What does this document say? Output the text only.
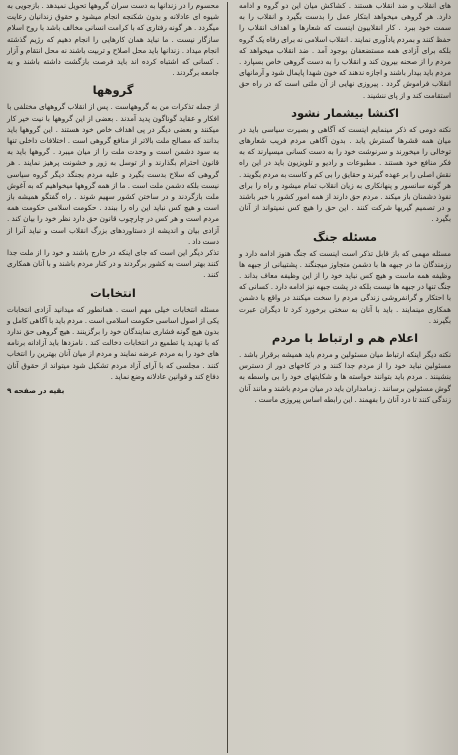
های انقلاب و ضد انقلاب هستند . کشاکش میان این دو گروه و ادامه دارد. هر گروهی میخواهد ابتکار عمل را بدست بگیرد و انقلاب را به سمت خود ببرد . کار انقلابیون اینست که شعارها و اهداف انقلاب را حفظ کنند و بمردم یادآوری نمایند . انقلاب اسلامی نه برای رفاه یک گروه بلکه برای آزادی همه مستضعفان بوجود آمد . ضد انقلاب میخواهد که مردم را از صحنه بیرون کند و انقلاب را به دست گروهی خاص بسپارد . مردم باید بیدار باشند و اجازه ندهند که خون شهدا پایمال شود و آرمانهای انقلاب فراموش گردد . پیروزی نهایی از آن ملتی است که در راه حق استقامت کند و از پای ننشیند .

اکنشا بیشمار نشود

نکته دومی که ذکر مینمایم اینست که آگاهی و بصیرت سیاسی باید در میان همه قشرها گسترش یابد . بدون آگاهی مردم فریب شعارهای توخالی را میخورند و سرنوشت خود را به دست کسانی میسپارند که به فکر منافع خود هستند . مطبوعات و رادیو و تلویزیون باید در این راه نقش اصلی را بر عهده گیرند و حقایق را بی کم و کاست به مردم بگویند . هر گونه سانسور و پنهانکاری به زیان انقلاب تمام میشود و راه را برای نفوذ دشمنان باز میکند . مردم حق دارند از همه امور کشور با خبر باشند و در تصمیم گیریها شرکت کنند . این حق را هیچ کس نمیتواند از آنان بگیرد .

مسئله جنگ

مسئله مهمی که باز قابل تذکر است اینست که جنگ هنوز ادامه دارد و رزمندگان ما در جبهه ها با دشمن متجاوز میجنگند . پشتیبانی از جبهه ها وظیفه همه ماست و هیچ کس نباید خود را از این وظیفه معاف بداند . جنگ تنها در جبهه ها نیست بلکه در پشت جبهه نیز ادامه دارد . کسانی که با احتکار و گرانفروشی زندگی مردم را سخت میکنند در واقع با دشمن همکاری مینمایند . باید با آنان به سختی برخورد کرد تا دیگران عبرت بگیرند .

اعلام هم و ارتباط با مردم

نکته دیگر اینکه ارتباط میان مسئولین و مردم باید همیشه برقرار باشد . مسئولین نباید خود را از مردم جدا کنند و در کاخهای دور از دسترس بنشینند . مردم باید بتوانند خواسته ها و شکایتهای خود را بی واسطه به گوش مسئولین برسانند . زمامداران باید در میان مردم باشند و مانند آنان زندگی کنند تا درد آنان را بفهمند . این رابطه اساس پیروزی ماست .

محسوم را در زندانها به دست سران گروهها تحویل نمیدهد . بازجویی به شیوه ای عادلانه و بدون شکنجه انجام میشود و حقوق زندانیان رعایت میگردد . هر گونه رفتاری که با کرامت انسانی مخالف باشد با روح اسلام سازگار نیست . ما نباید همان کارهایی را انجام دهیم که رژیم گذشته انجام میداد . زندانها باید محل اصلاح و تربیت باشند نه محل انتقام و آزار . کسانی که اشتباه کرده اند باید فرصت بازگشت داشته باشند و به جامعه برگردند .

گروهها

از جمله تذکرات من به گروههاست . پس از انقلاب گروههای مختلفی با افکار و عقاید گوناگون پدید آمدند . بعضی از این گروهها با نیت خیر کار میکنند و بعضی دیگر در پی اهداف خاص خود هستند . این گروهها باید بدانند که مصالح ملت بالاتر از منافع گروهی است . اختلافات داخلی تنها به سود دشمن است و وحدت ملت را از میان میبرد . گروهها باید به قانون احترام بگذارند و از توسل به زور و خشونت پرهیز نمایند . هر گروهی که سلاح بدست بگیرد و علیه مردم بجنگد دیگر گروه سیاسی نیست بلکه دشمن ملت است . ما از همه گروهها میخواهیم که به آغوش ملت بازگردند و در ساختن کشور سهیم شوند . راه گفتگو همیشه باز است و هیچ کس نباید این راه را ببندد . حکومت اسلامی حکومت همه مردم است و هر کس در چارچوب قانون حق دارد نظر خود را بیان کند . آزادی بیان و اندیشه از دستاوردهای بزرگ انقلاب است و نباید آنرا از دست داد .

تذکر دیگر این است که جای اینکه در خارج باشند و خود را از ملت جدا کنند بهتر است به کشور برگردند و در کنار مردم باشند و با آنان همکاری کنند .

انتخابات

مسئله انتخابات خیلی مهم است . همانطور که میدانید آزادی انتخابات یکی از اصول اساسی حکومت اسلامی است . مردم باید با آگاهی کامل و بدون هیچ گونه فشاری نمایندگان خود را برگزینند . هیچ گروهی حق ندارد که با تهدید یا تطمیع در انتخابات دخالت کند . نامزدها باید آزادانه برنامه های خود را به مردم عرضه نمایند و مردم از میان آنان بهترین را انتخاب کنند . مجلسی که با آرای آزاد مردم تشکیل شود میتواند از حقوق آنان دفاع کند و قوانین عادلانه وضع نماید .

بقیه در صفحه ۹
